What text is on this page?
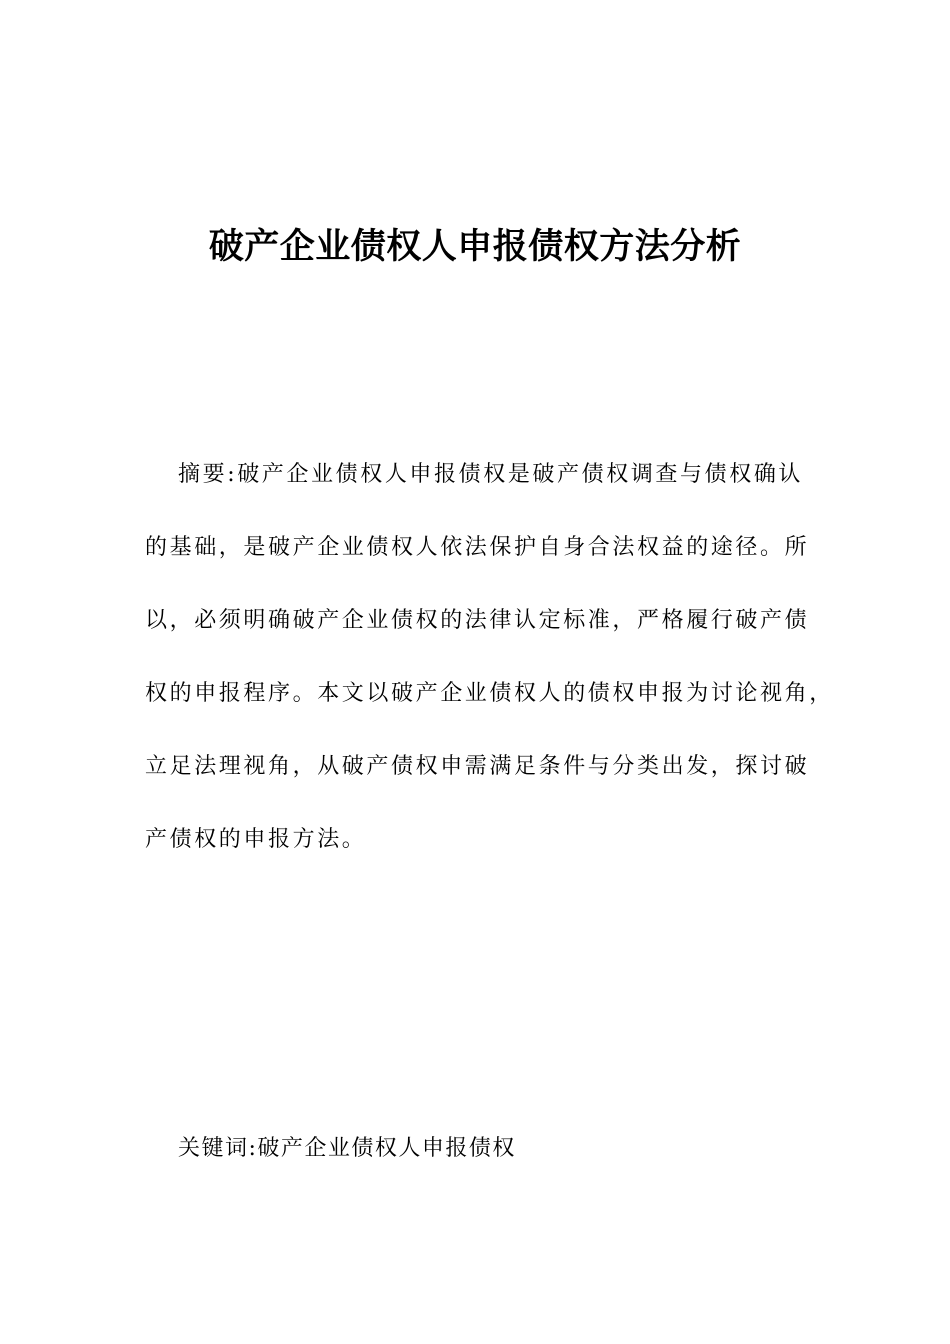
破产企业债权人申报债权方法分析
摘要:破产企业债权人申报债权是破产债权调查与债权确认
的基础，是破产企业债权人依法保护自身合法权益的途径。所
以，必须明确破产企业债权的法律认定标准，严格履行破产债
权的申报程序。本文以破产企业债权人的债权申报为讨论视角，
立足法理视角，从破产债权申需满足条件与分类出发，探讨破
产债权的申报方法。
关键词:破产企业债权人申报债权
